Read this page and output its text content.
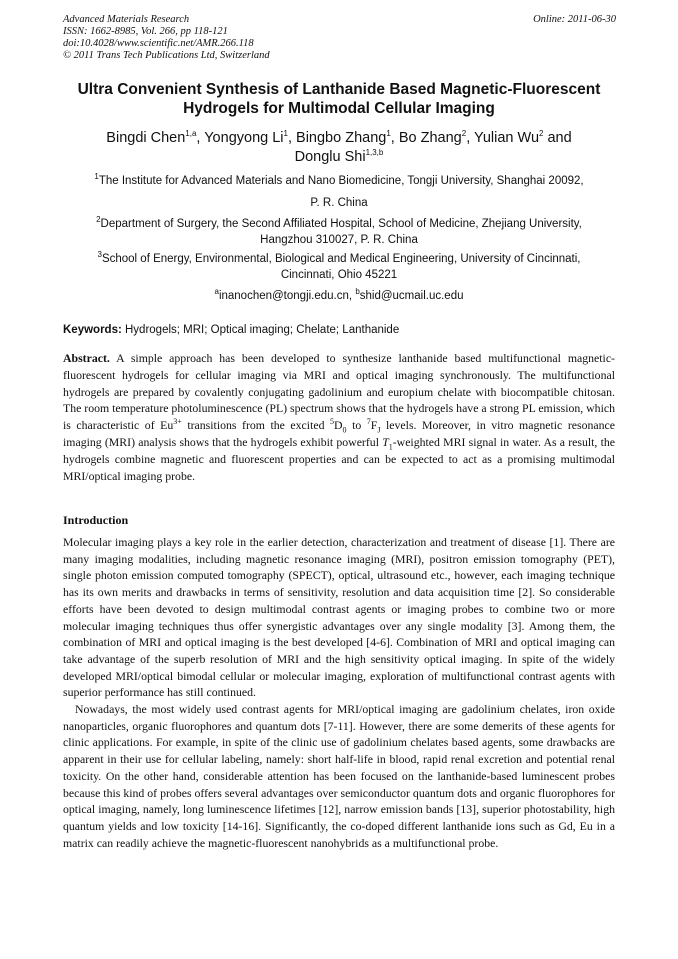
Advanced Materials Research
ISSN: 1662-8985, Vol. 266, pp 118-121
doi:10.4028/www.scientific.net/AMR.266.118
© 2011 Trans Tech Publications Ltd, Switzerland
Online: 2011-06-30
Ultra Convenient Synthesis of Lanthanide Based Magnetic-Fluorescent
Hydrogels for Multimodal Cellular Imaging
Bingdi Chen$^{1,a}$, Yongyong Li$^1$, Bingbo Zhang$^1$, Bo Zhang$^2$, Yulian Wu$^2$ and
Donglu Shi$^{1,3,b}$
$^1$The Institute for Advanced Materials and Nano Biomedicine, Tongji University, Shanghai 20092,
P. R. China
$^2$Department of Surgery, the Second Affiliated Hospital, School of Medicine, Zhejiang University,
Hangzhou 310027, P. R. China
$^3$School of Energy, Environmental, Biological and Medical Engineering, University of Cincinnati,
Cincinnati, Ohio 45221
$^a$inanochen@tongji.edu.cn, $^b$shid@ucmail.uc.edu
Keywords: Hydrogels; MRI; Optical imaging; Chelate; Lanthanide
Abstract. A simple approach has been developed to synthesize lanthanide based multifunctional magnetic-fluorescent hydrogels for cellular imaging via MRI and optical imaging synchronously. The multifunctional hydrogels are prepared by covalently conjugating gadolinium and europium chelate with biocompatible chitosan. The room temperature photoluminescence (PL) spectrum shows that the hydrogels have a strong PL emission, which is characteristic of $Eu^{3+}$ transitions from the excited $^5D_0$ to $^7F_J$ levels. Moreover, in vitro magnetic resonance imaging (MRI) analysis shows that the hydrogels exhibit powerful $T_1$-weighted MRI signal in water. As a result, the hydrogels combine magnetic and fluorescent properties and can be expected to act as a promising multimodal MRI/optical imaging probe.
Introduction

Molecular imaging plays a key role in the earlier detection, characterization and treatment of disease [1]. There are many imaging modalities, including magnetic resonance imaging (MRI), positron emission tomography (PET), single photon emission computed tomography (SPECT), optical, ultrasound etc., however, each imaging technique has its own merits and drawbacks in terms of sensitivity, resolution and data acquisition time [2]. So considerable efforts have been devoted to design multimodal contrast agents or imaging probes to combine two or more molecular imaging techniques thus offer synergistic advantages over any single modality [3]. Among them, the combination of MRI and optical imaging is the best developed [4-6]. Combination of MRI and optical imaging can take advantage of the superb resolution of MRI and the high sensitivity optical imaging. In spite of the widely developed MRI/optical bimodal cellular or molecular imaging, exploration of multifunctional contrast agents with superior performance has still continued.

Nowadays, the most widely used contrast agents for MRI/optical imaging are gadolinium chelates, iron oxide nanoparticles, organic fluorophores and quantum dots [7-11]. However, there are some demerits of these agents for clinic applications. For example, in spite of the clinic use of gadolinium chelates based agents, some drawbacks are apparent in their use for cellular labeling, namely: short half-life in blood, rapid renal excretion and potential renal toxicity. On the other hand, considerable attention has been focused on the lanthanide-based luminescent probes because this kind of probes offers several advantages over semiconductor quantum dots and organic fluorophores for optical imaging, namely, long luminescence lifetimes [12], narrow emission bands [13], superior photostability, high quantum yields and low toxicity [14-16]. Significantly, the co-doped different lanthanide ions such as Gd, Eu in a matrix can readily achieve the magnetic-fluorescent nanohybrids as a multifunctional probe.
